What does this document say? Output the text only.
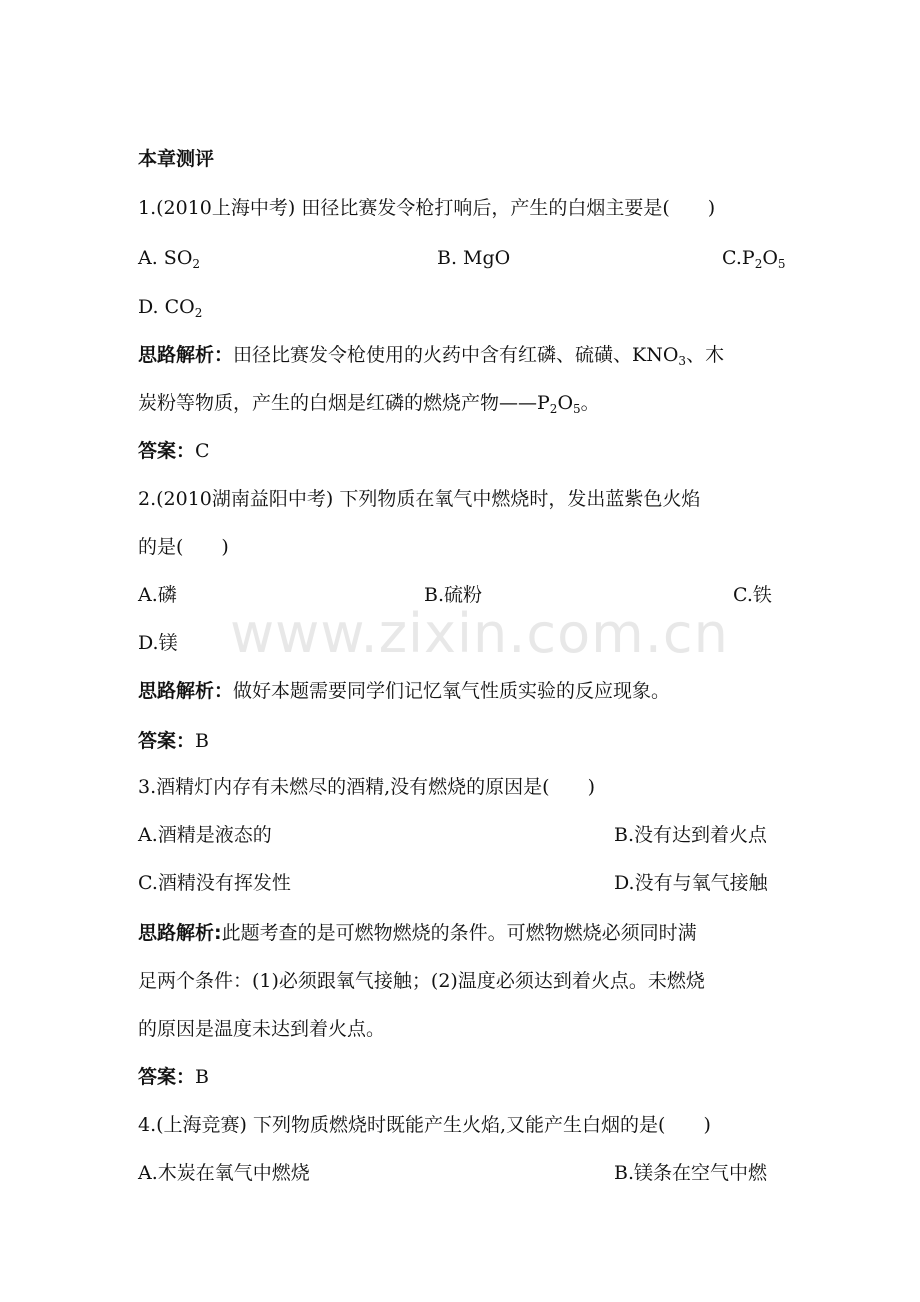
www.zixin.com.cn
本章测评
1.(2010上海中考) 田径比赛发令枪打响后，产生的白烟主要是(　　)
A. $SO_2$	B. MgO	$C.P_2O_5$
D. $CO_2$
思路解析：田径比赛发令枪使用的火药中含有红磷、硫磺、$KNO_3$、木
炭粉等物质，产生的白烟是红磷的燃烧产物$——P_2O_5$。
答案：C
2.(2010湖南益阳中考) 下列物质在氧气中燃烧时，发出蓝紫色火焰
的是(　　)
A.磷	B.硫粉	C.铁
D.镁
思路解析：做好本题需要同学们记忆氧气性质实验的反应现象。
答案：B
3.酒精灯内存有未燃尽的酒精,没有燃烧的原因是(　　)
A.酒精是液态的	B.没有达到着火点
C.酒精没有挥发性	D.没有与氧气接触
思路解析:此题考查的是可燃物燃烧的条件。可燃物燃烧必须同时满
足两个条件：(1)必须跟氧气接触；(2)温度必须达到着火点。未燃烧
的原因是温度未达到着火点。
答案：B
4.(上海竞赛) 下列物质燃烧时既能产生火焰,又能产生白烟的是(　　)
A.木炭在氧气中燃烧	B.镁条在空气中燃
